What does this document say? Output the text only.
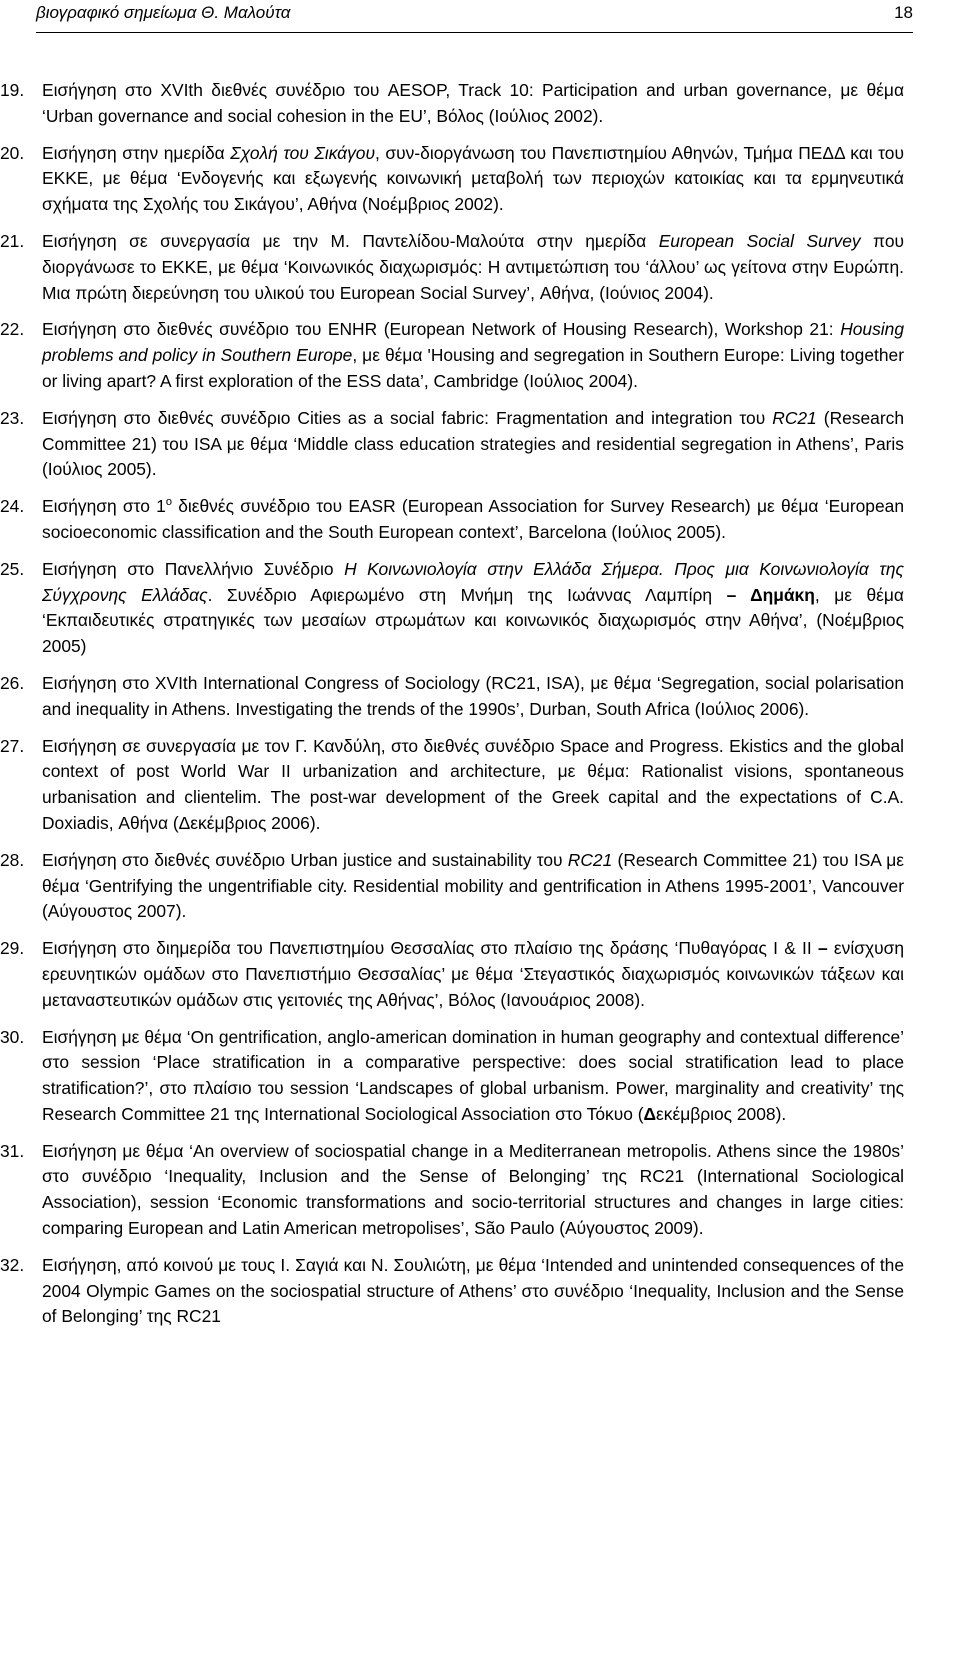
βιογραφικό σημείωμα Θ. Μαλούτα	18
19.	Εισήγηση στο XVIth διεθνές συνέδριο του AESOP, Track 10: Participation and urban governance, με θέμα ‘Urban governance and social cohesion in the EU’, Βόλος (Ιούλιος 2002).

20.	Εισήγηση στην ημερίδα Σχολή του Σικάγου, συν-διοργάνωση του Πανεπιστημίου Αθηνών, Τμήμα ΠΕΔΔ και του ΕΚΚΕ, με θέμα ‘Ενδογενής και εξωγενής κοινωνική μεταβολή των περιοχών κατοικίας και τα ερμηνευτικά σχήματα της Σχολής του Σικάγου’, Αθήνα (Νοέμβριος 2002).

21.	Εισήγηση σε συνεργασία με την Μ. Παντελίδου-Μαλούτα στην ημερίδα European Social Survey που διοργάνωσε το ΕΚΚΕ, με θέμα ‘Κοινωνικός διαχωρισμός: Η αντιμετώπιση του ‘άλλου’ ως γείτονα στην Ευρώπη. Μια πρώτη διερεύνηση του υλικού του European Social Survey’, Αθήνα, (Ιούνιος 2004).

22.	Εισήγηση στο διεθνές συνέδριο του ENHR (European Network of Housing Research), Workshop 21: Housing problems and policy in Southern Europe, με θέμα 'Housing and segregation in Southern Europe: Living together or living apart? A first exploration of the ESS data’, Cambridge (Ιούλιος 2004).

23.	Εισήγηση στο διεθνές συνέδριο Cities as a social fabric: Fragmentation and integration του RC21 (Research Committee 21) του ISA με θέμα ‘Middle class education strategies and residential segregation in Athens’, Paris (Ιούλιος 2005).

24.	Εισήγηση στο $1^o$ διεθνές συνέδριο του EASR (European Association for Survey Research) με θέμα ‘European socioeconomic classification and the South European context’, Barcelona (Ιούλιος 2005).

25.	Εισήγηση στο Πανελλήνιο Συνέδριο Η Κοινωνιολογία στην Ελλάδα Σήμερα. Προς μια Κοινωνιολογία της Σύγχρονης Ελλάδας. Συνέδριο Αφιερωμένο στη Μνήμη της Ιωάννας Λαμπίρη – Δημάκη, με θέμα ‘Εκπαιδευτικές στρατηγικές των μεσαίων στρωμάτων και κοινωνικός διαχωρισμός στην Αθήνα’, (Νοέμβριος 2005)

26.	Εισήγηση στο XVIth International Congress of Sociology (RC21, ISA), με θέμα ‘Segregation, social polarisation and inequality in Athens. Investigating the trends of the 1990s’, Durban, South Africa (Ιούλιος 2006).

27.	Εισήγηση σε συνεργασία με τον Γ. Κανδύλη, στο διεθνές συνέδριο Space and Progress. Ekistics and the global context of post World War II urbanization and architecture, με θέμα: Rationalist visions, spontaneous urbanisation and clientelim. The post-war development of the Greek capital and the expectations of C.A. Doxiadis, Αθήνα (Δεκέμβριος 2006).

28.	Εισήγηση στο διεθνές συνέδριο Urban justice and sustainability του RC21 (Research Committee 21) του ISA με θέμα ‘Gentrifying the ungentrifiable city. Residential mobility and gentrification in Athens 1995-2001’, Vancouver (Αύγουστος 2007).

29.	Εισήγηση στο διημερίδα του Πανεπιστημίου Θεσσαλίας στο πλαίσιο της δράσης ‘Πυθαγόρας Ι & ΙΙ – ενίσχυση ερευνητικών ομάδων στο Πανεπιστήμιο Θεσσαλίας’ με θέμα ‘Στεγαστικός διαχωρισμός κοινωνικών τάξεων και μεταναστευτικών ομάδων στις γειτονιές της Αθήνας’, Βόλος (Ιανουάριος 2008).

30.	Εισήγηση με θέμα ‘On gentrification, anglo-american domination in human geography and contextual difference’ στο session ‘Place stratification in a comparative perspective: does social stratification lead to place stratification?’, στο πλαίσιο του session ‘Landscapes of global urbanism. Power, marginality and creativity’ της Research Committee 21 της International Sociological Association στο Τόκυο (Δεκέμβριος 2008).

31.	Εισήγηση με θέμα ‘An overview of sociospatial change in a Mediterranean metropolis. Athens since the 1980s’ στο συνέδριο ‘Inequality, Inclusion and the Sense of Belonging’ της RC21 (International Sociological Association), session ‘Economic transformations and socio-territorial structures and changes in large cities: comparing European and Latin American metropolises’, São Paulo (Αύγουστος 2009).

32.	Εισήγηση, από κοινού με τους Ι. Σαγιά και Ν. Σουλιώτη, με θέμα ‘Intended and unintended consequences of the 2004 Olympic Games on the sociospatial structure of Athens’ στο συνέδριο ‘Inequality, Inclusion and the Sense of Belonging’ της RC21
